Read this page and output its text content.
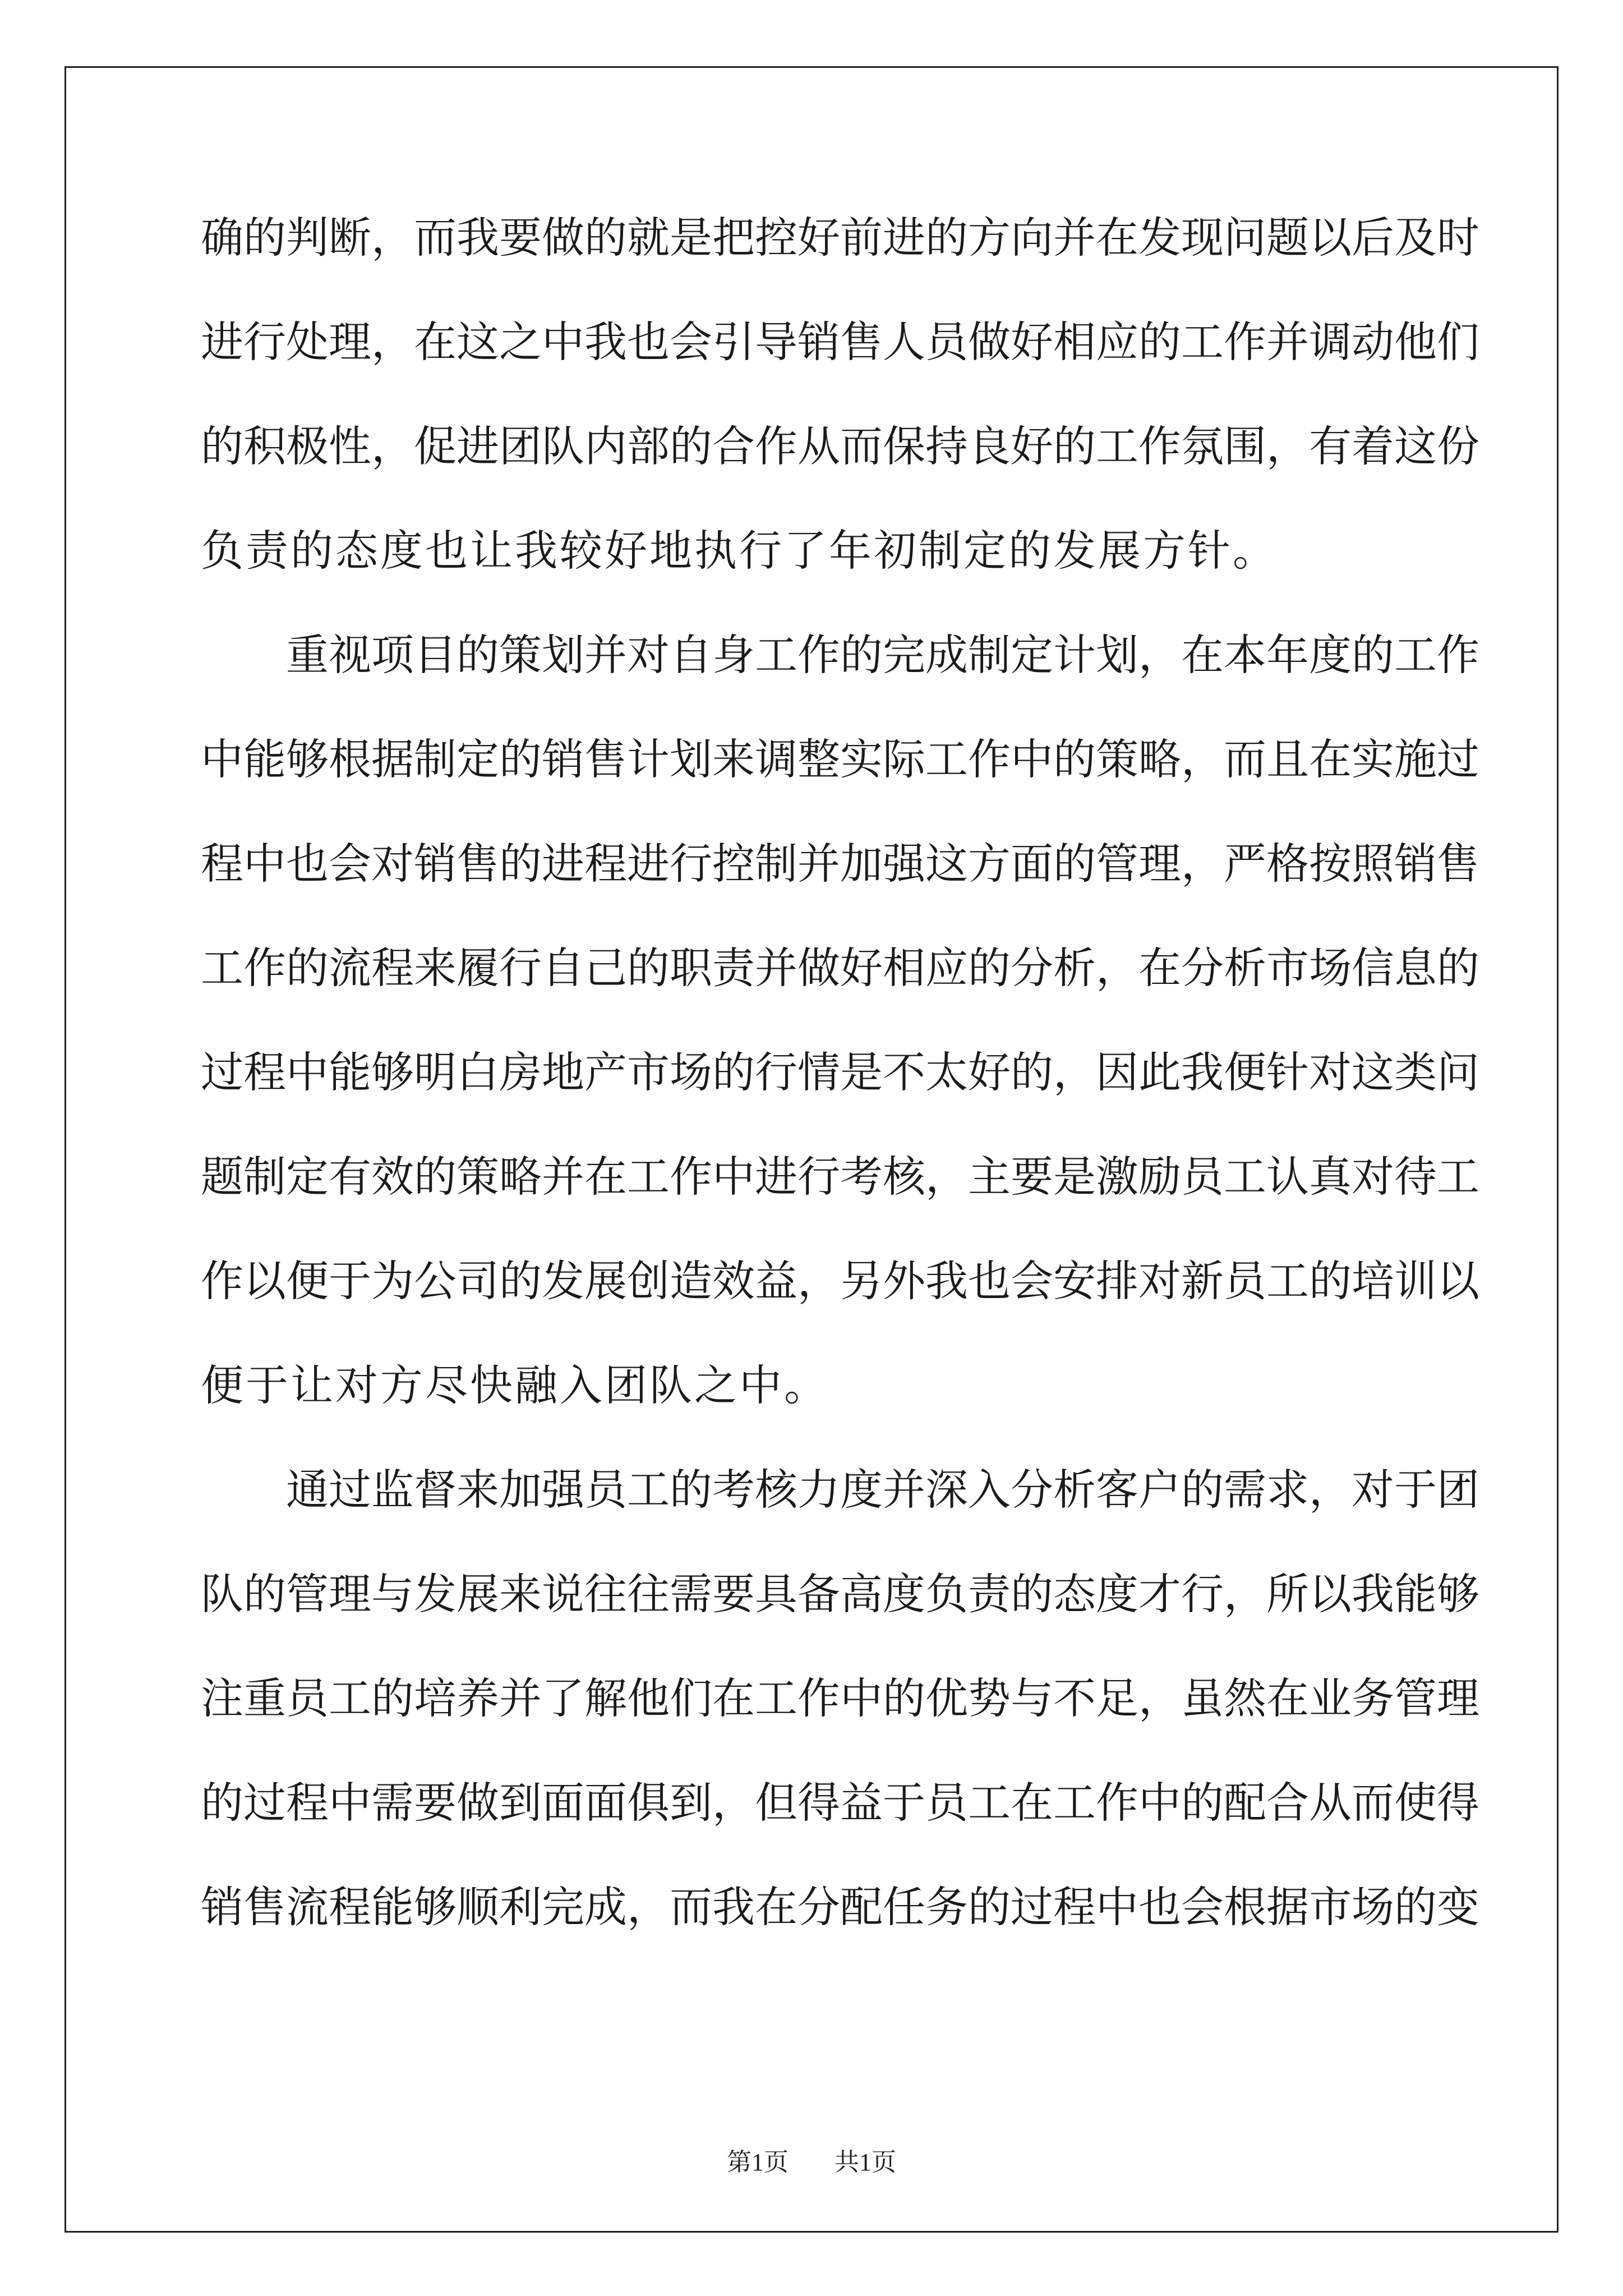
确的判断，而我要做的就是把控好前进的方向并在发现问题以后及时
进行处理，在这之中我也会引导销售人员做好相应的工作并调动他们
的积极性，促进团队内部的合作从而保持良好的工作氛围，有着这份
负责的态度也让我较好地执行了年初制定的发展方针。
　　重视项目的策划并对自身工作的完成制定计划，在本年度的工作
中能够根据制定的销售计划来调整实际工作中的策略，而且在实施过
程中也会对销售的进程进行控制并加强这方面的管理，严格按照销售
工作的流程来履行自己的职责并做好相应的分析，在分析市场信息的
过程中能够明白房地产市场的行情是不太好的，因此我便针对这类问
题制定有效的策略并在工作中进行考核，主要是激励员工认真对待工
作以便于为公司的发展创造效益，另外我也会安排对新员工的培训以
便于让对方尽快融入团队之中。
　　通过监督来加强员工的考核力度并深入分析客户的需求，对于团
队的管理与发展来说往往需要具备高度负责的态度才行，所以我能够
注重员工的培养并了解他们在工作中的优势与不足，虽然在业务管理
的过程中需要做到面面俱到，但得益于员工在工作中的配合从而使得
销售流程能够顺利完成，而我在分配任务的过程中也会根据市场的变
第1页 共1页
